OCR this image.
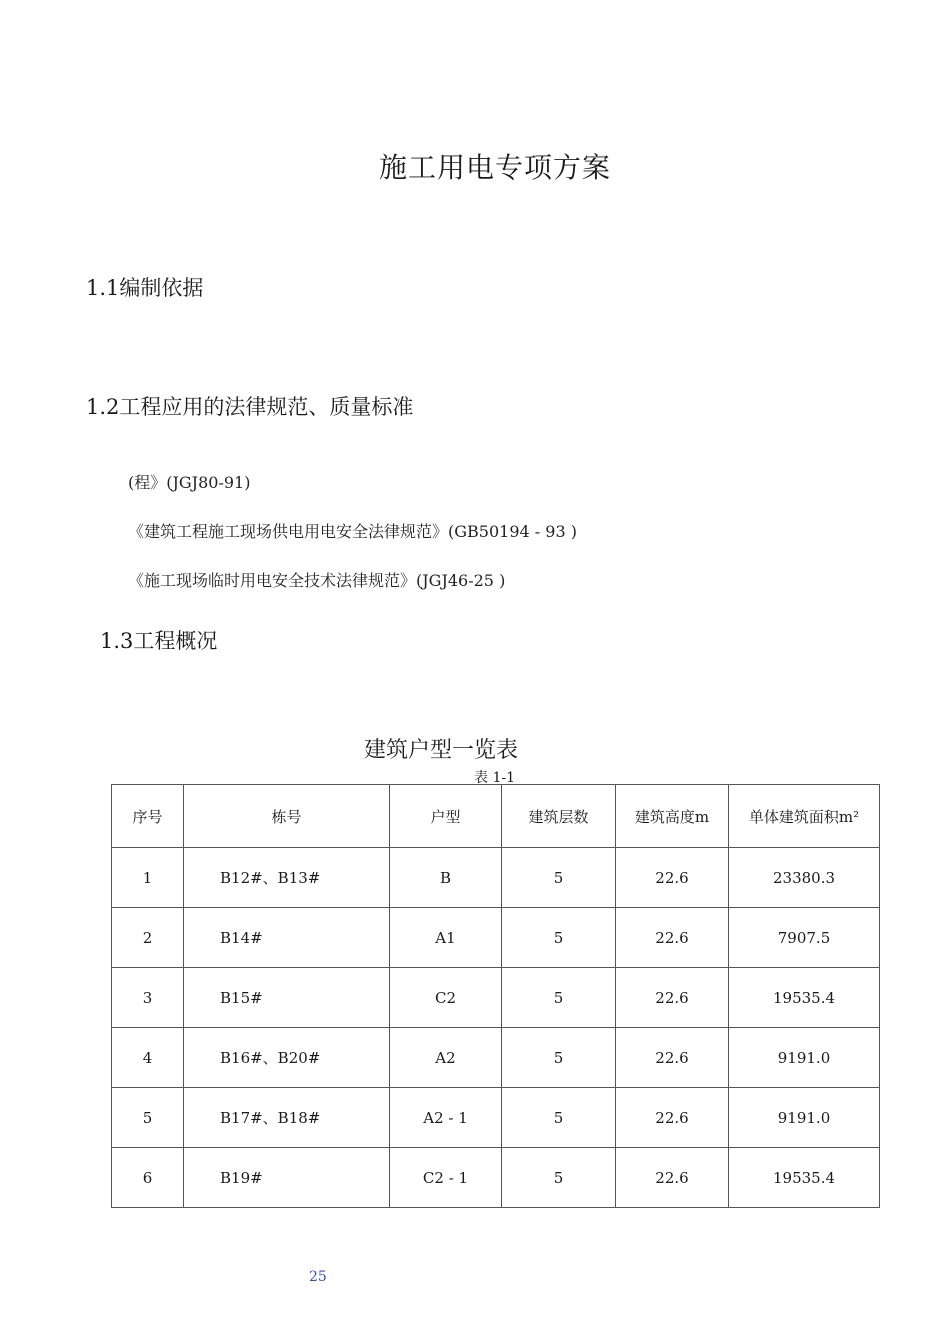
施工用电专项方案
1.1编制依据
1.2工程应用的法律规范、质量标准
(程》(JGJ80-91)
《建筑工程施工现场供电用电安全法律规范》(GB50194 - 93 )
《施工现场临时用电安全技术法律规范》(JGJ46-25 )
1.3工程概况
建筑户型一览表
表 1-1
序号	栋号	户型	建筑层数	建筑高度m	单体建筑面积m²
1	B12#、B13#	B	5	22.6	23380.3
2	B14#	A1	5	22.6	7907.5
3	B15#	C2	5	22.6	19535.4
4	B16#、B20#	A2	5	22.6	9191.0
5	B17#、B18#	A2 - 1	5	22.6	9191.0
6	B19#	C2 - 1	5	22.6	19535.4
25
